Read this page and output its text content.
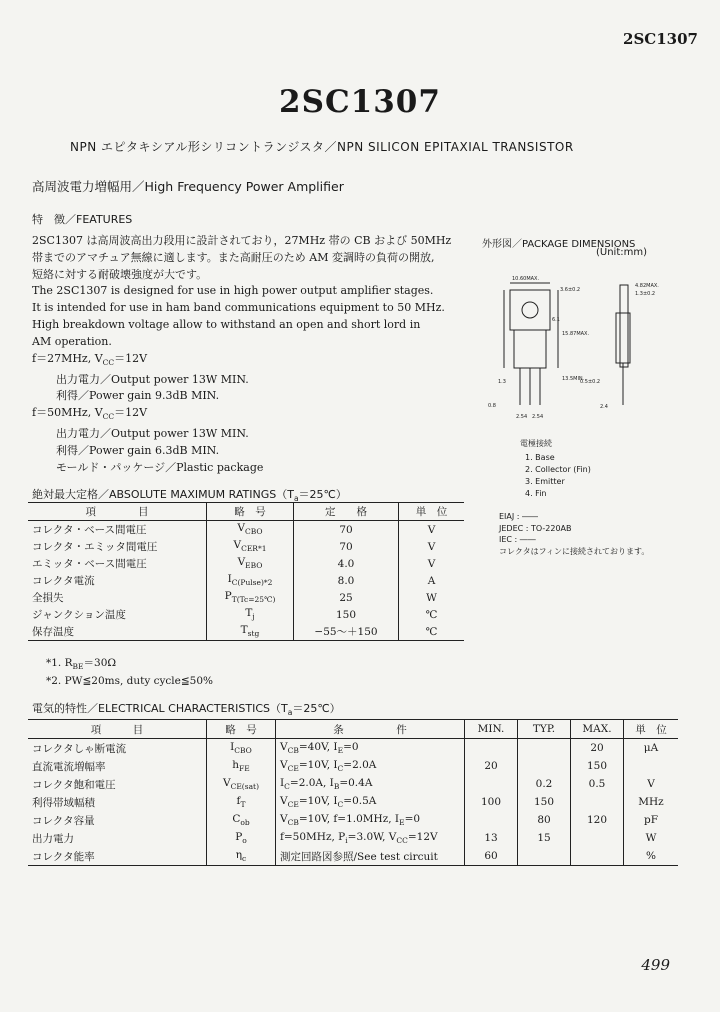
2SC1307
2SC1307
NPN エピタキシアル形シリコントランジスタ／NPN SILICON EPITAXIAL TRANSISTOR
高周波電力増幅用／High Frequency Power Amplifier
特　徴／FEATURES

2SC1307 は高周波高出力段用に設計されており，27MHz 帯の CB および 50MHz

帯までのアマチュア無線に適します。また高耐圧のため AM 変調時の負荷の開放,

短絡に対する耐破壊強度が大です。

The 2SC1307 is designed for use in high power output amplifier stages.

It is intended for use in ham band communications equipment to 50 MHz.

High breakdown voltage allow to withstand an open and short lord in

AM operation.

f＝27MHz, $V_{CC}=12V$

出力電力／Output power 13W MIN.

利得／Power gain 9.3dB MIN.

f＝50MHz, $V_{CC}=12V$

出力電力／Output power 13W MIN.

利得／Power gain 6.3dB MIN.

モールド・パッケージ／Plastic package

外形図／PACKAGE DIMENSIONS
(Unit:mm)
10.60MAX.
3.6±0.2
4.82MAX.
1.3±0.2
6.1
15.87MAX.
13.5MIN.
1.3	0.5±0.2
2.4
0.8
2.54 2.54
電極接続
1. Base
2. Collector (Fin)
3. Emitter
4. Fin
EIAJ : ――
JEDEC : TO-220AB
IEC : ――
コレクタはフィンに接続されております。
絶対最大定格／ABSOLUTE MAXIMUM $RATINGS(T_a=25℃)$
項　　　　目	略　号	定　　格	単　位
コレクタ・ベース間電圧	$V_{CBO}$	70	V
コレクタ・エミッタ間電圧	$V_{CER*1}$	70	V
エミッタ・ベース間電圧	$V_{EBO}$	4.0	V
コレクタ電流	$I_{C(Pulse)*2}$	8.0	A
全損失	$P_{T(Tc=25℃)}$	25	W
ジャンクション温度	$T_j$	150	℃
保存温度	$T_{stg}$	−55〜＋150	℃
*1. $R_{BE}=30\Omega$
*2. PW≦20ms, duty cycle≦50%
電気的特性／ELECTRICAL $CHARACTERISTICS(T_a=25℃)$
項　　　目	略　号	条　　　　　件	MIN.	TYP.	MAX.	単　位
コレクタしゃ断電流	$I_{CBO}$	$V_{CB}=40V$, $I_E=0$			20	μA
直流電流増幅率	$h_{FE}$	$V_{CE}=10V$, $I_C=2.0A$	20		150	
コレクタ飽和電圧	$V_{CE(sat)}$	$I_C=2.0A$, $I_B=0.4A$		0.2	0.5	V
利得帯域幅積	$f_T$	$V_{CE}=10V$, $I_C=0.5A$	100	150		MHz
コレクタ容量	$C_{ob}$	$V_{CB}=10V$, f=1.0MHz, $I_E=0$		80	120	pF
出力電力	$P_o$	f=50MHz, $P_i=3.0W$, $V_{CC}=12V$	13	15		W
コレクタ能率	$\eta_c$	測定回路図参照/See test circuit	60			%
499
